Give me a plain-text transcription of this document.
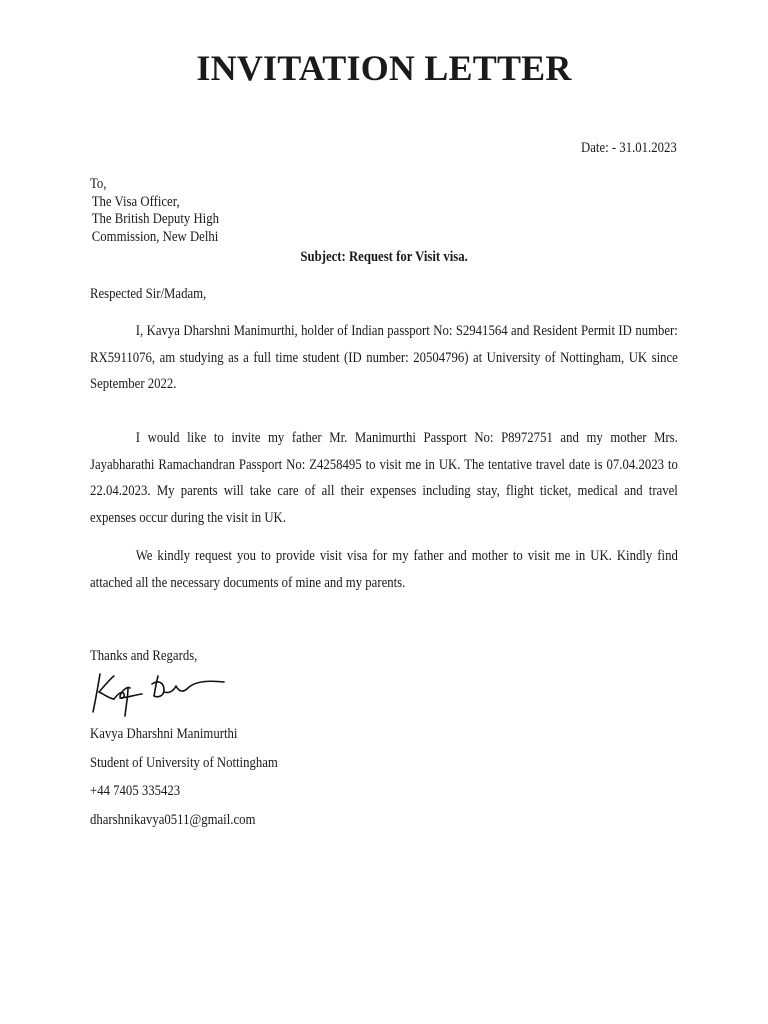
INVITATION LETTER
Date: - 31.01.2023
To,
The Visa Officer,
The British Deputy High
Commission, New Delhi
Subject: Request for Visit visa.
Respected Sir/Madam,

I, Kavya Dharshni Manimurthi, holder of Indian passport No: S2941564 and Resident Permit ID number: RX5911076, am studying as a full time student (ID number: 20504796) at University of Nottingham, UK since September 2022.

I would like to invite my father Mr. Manimurthi Passport No: P8972751 and my mother Mrs. Jayabharathi Ramachandran Passport No: Z4258495 to visit me in UK. The tentative travel date is 07.04.2023 to 22.04.2023. My parents will take care of all their expenses including stay, flight ticket, medical and travel expenses occur during the visit in UK.

We kindly request you to provide visit visa for my father and mother to visit me in UK. Kindly find attached all the necessary documents of mine and my parents.

Thanks and Regards,
Kavya Dharshni Manimurthi
Student of University of Nottingham
+44 7405 335423
dharshnikavya0511@gmail.com
